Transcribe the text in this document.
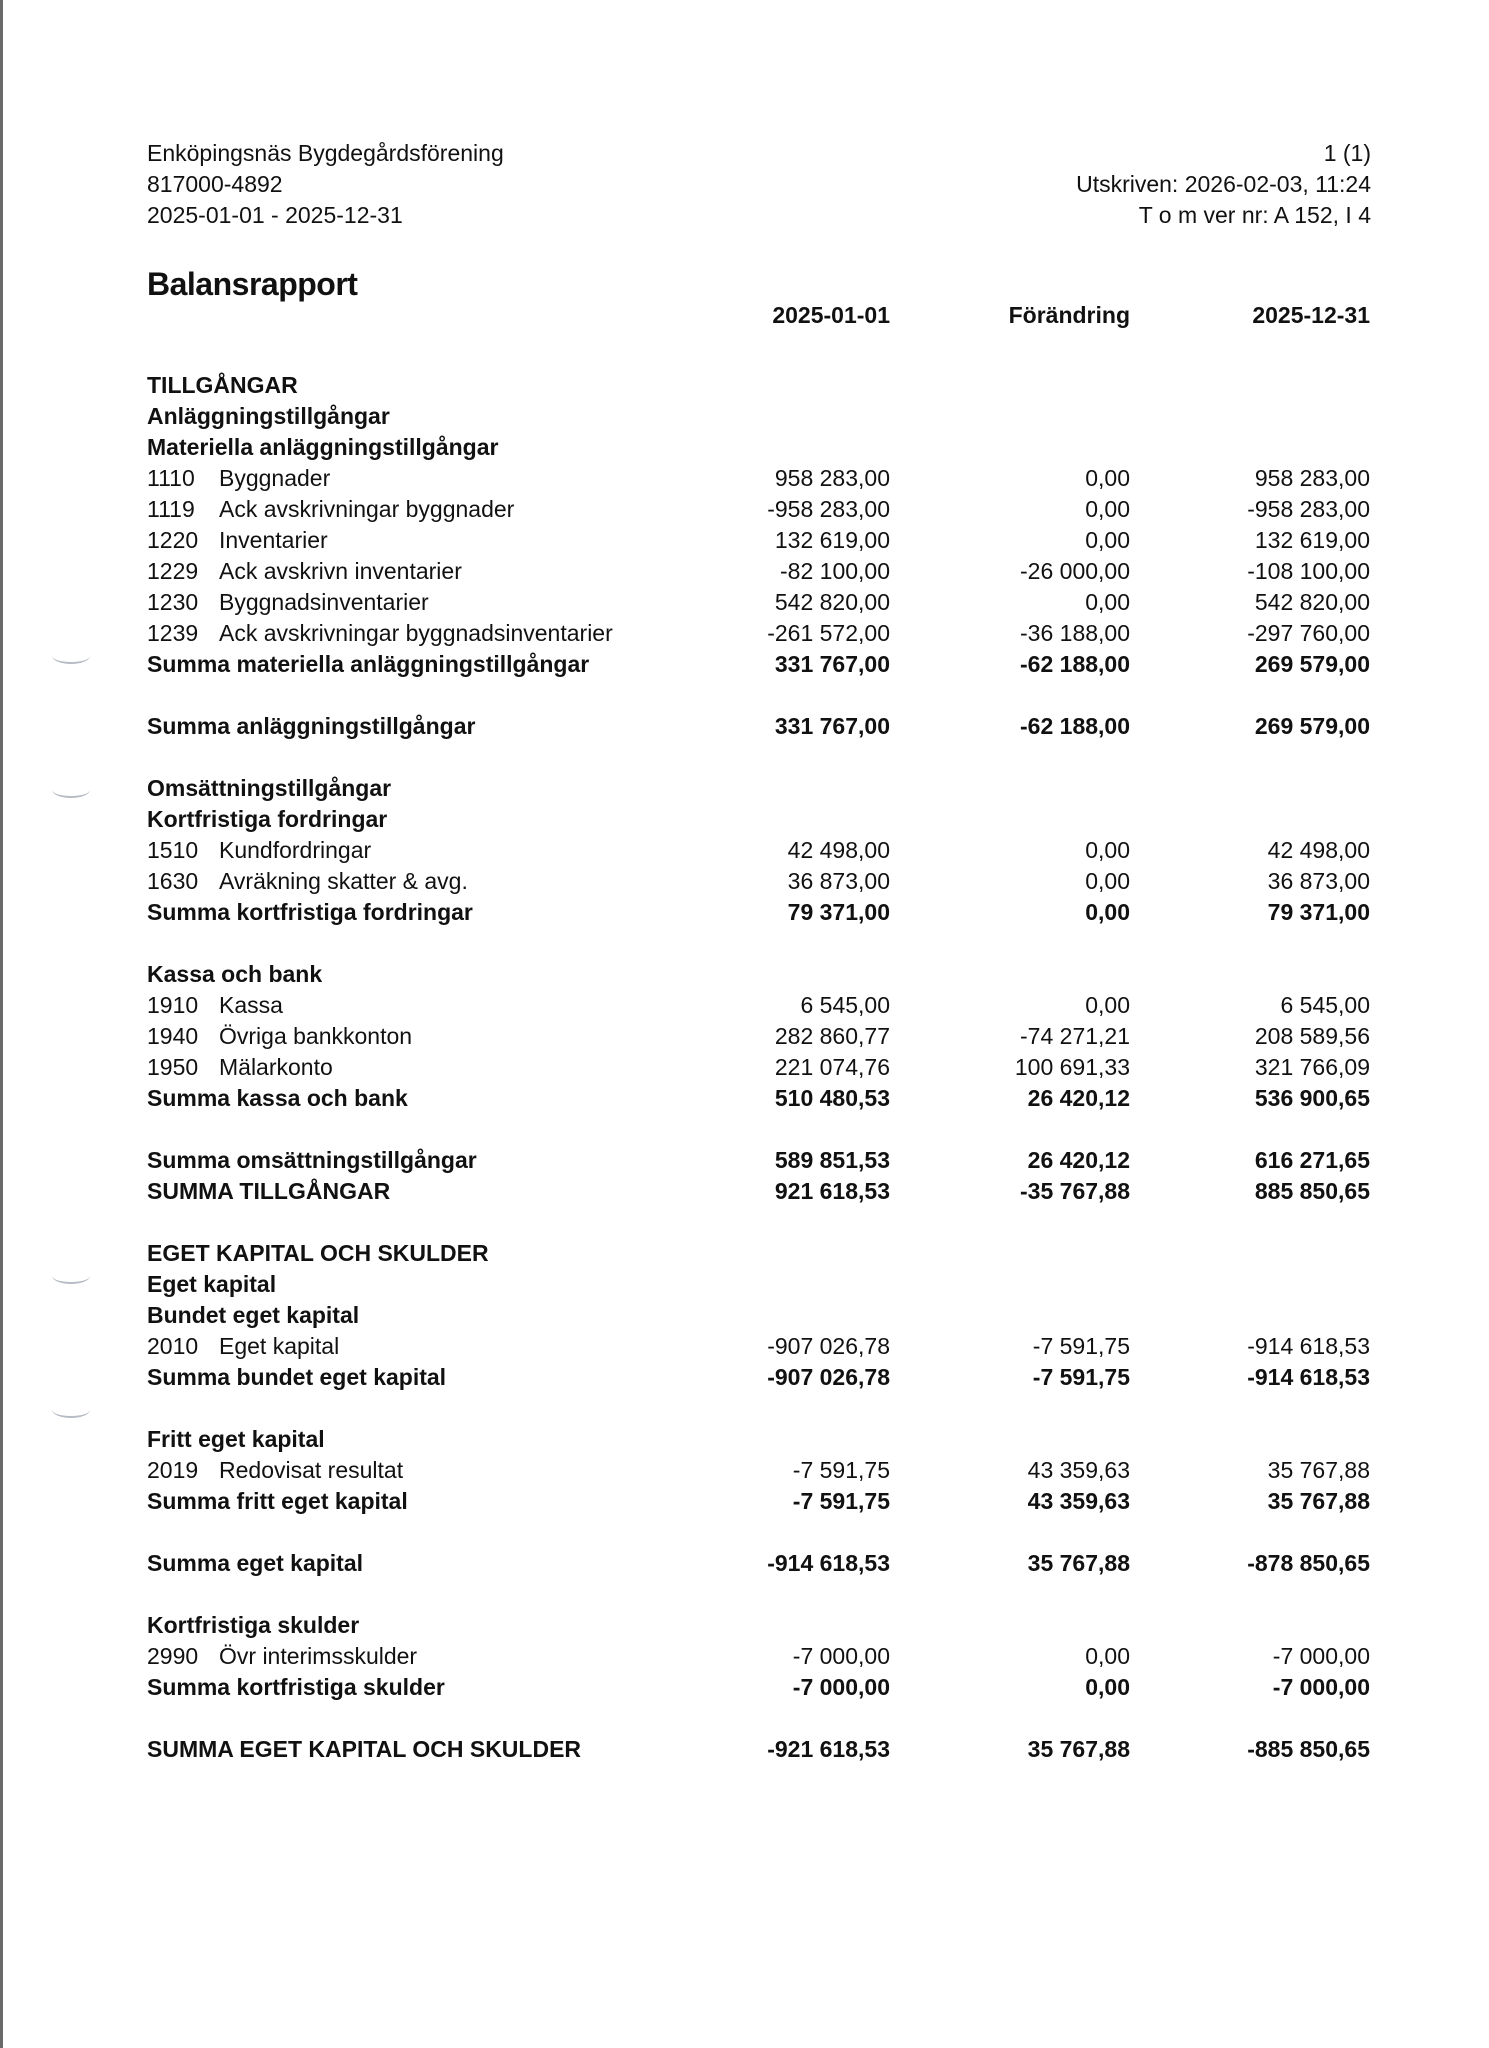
Enköpingsnäs Bygdegårdsförening
817000-4892
2025-01-01 - 2025-12-31
1 (1)
Utskriven: 2026-02-03, 11:24
T o m ver nr: A 152, I 4
Balansrapport
2025-01-01	Förändring	2025-12-31
TILLGÅNGAR
Anläggningstillgångar
Materiella anläggningstillgångar
1110 Byggnader	958 283,00	0,00	958 283,00
1119 Ack avskrivningar byggnader	-958 283,00	0,00	-958 283,00
1220 Inventarier	132 619,00	0,00	132 619,00
1229 Ack avskrivn inventarier	-82 100,00	-26 000,00	-108 100,00
1230 Byggnadsinventarier	542 820,00	0,00	542 820,00
1239 Ack avskrivningar byggnadsinventarier	-261 572,00	-36 188,00	-297 760,00
Summa materiella anläggningstillgångar	331 767,00	-62 188,00	269 579,00
Summa anläggningstillgångar	331 767,00	-62 188,00	269 579,00
Omsättningstillgångar
Kortfristiga fordringar
1510 Kundfordringar	42 498,00	0,00	42 498,00
1630 Avräkning skatter & avg.	36 873,00	0,00	36 873,00
Summa kortfristiga fordringar	79 371,00	0,00	79 371,00
Kassa och bank
1910 Kassa	6 545,00	0,00	6 545,00
1940 Övriga bankkonton	282 860,77	-74 271,21	208 589,56
1950 Mälarkonto	221 074,76	100 691,33	321 766,09
Summa kassa och bank	510 480,53	26 420,12	536 900,65
Summa omsättningstillgångar	589 851,53	26 420,12	616 271,65
SUMMA TILLGÅNGAR	921 618,53	-35 767,88	885 850,65
EGET KAPITAL OCH SKULDER
Eget kapital
Bundet eget kapital
2010 Eget kapital	-907 026,78	-7 591,75	-914 618,53
Summa bundet eget kapital	-907 026,78	-7 591,75	-914 618,53
Fritt eget kapital
2019 Redovisat resultat	-7 591,75	43 359,63	35 767,88
Summa fritt eget kapital	-7 591,75	43 359,63	35 767,88
Summa eget kapital	-914 618,53	35 767,88	-878 850,65
Kortfristiga skulder
2990 Övr interimsskulder	-7 000,00	0,00	-7 000,00
Summa kortfristiga skulder	-7 000,00	0,00	-7 000,00
SUMMA EGET KAPITAL OCH SKULDER	-921 618,53	35 767,88	-885 850,65
